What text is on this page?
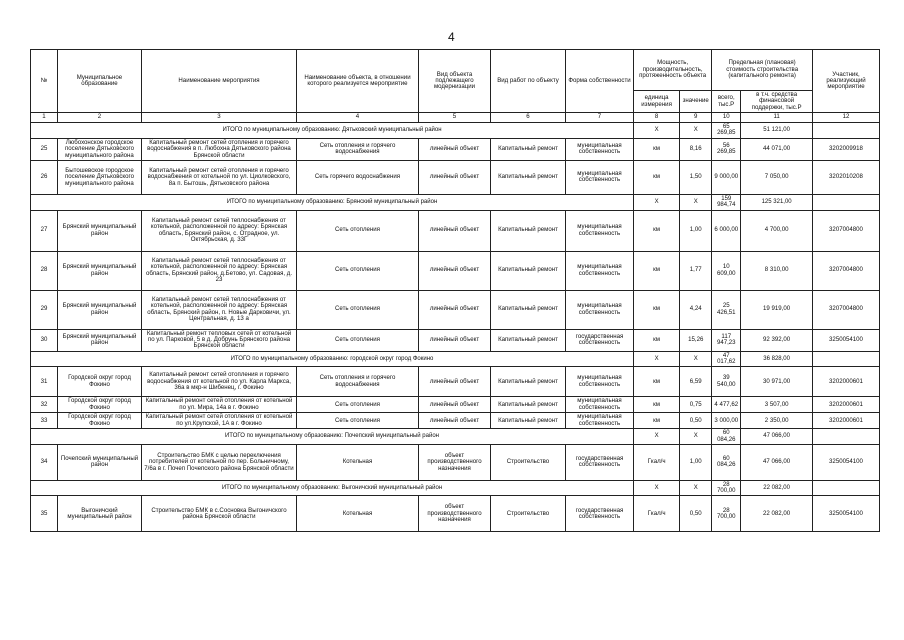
4
№	Муниципальное образование	Наименование мероприятия	Наименование объекта, в отношении которого реализуется мероприятие	Вид объекта подлежащего модернизации	Вид работ по объекту	Форма собственности	Мощность, производительность, протяженность объекта		Предельная (плановая) стоимость строительства (капитального ремонта)		Участник, реализующий мероприятие
							единица измерения	значение	всего, тыс.Р	в т.ч. средства финансовой поддержки, тыс.Р	
1	2	3	4	5	6	7	8	9	10	11	12
ИТОГО по муниципальному образованию: Дятьковский муниципальный район							X	X	65 269,85	51 121,00	
25	Любохонское городское поселение Дятьковского муниципального района	Капитальный ремонт сетей отопления и горячего водоснабжения в п. Любохна Дятьковского района Брянской области	Сеть отопления и горячего водоснабжения	линейный объект	Капитальный ремонт	муниципальная собственность	км	8,16	56 269,85	44 071,00	3202009918
26	Бытошевское городское поселение Дятьковского муниципального района	Капитальный ремонт сетей отопления и горячего водоснабжения от котельной по ул. Циолковского, 8а п. Бытошь, Дятьковского района	Сеть горячего водоснабжения	линейный объект	Капитальный ремонт	муниципальная собственность	км	1,50	9 000,00	7 050,00	3202010208
ИТОГО по муниципальному образованию: Брянский муниципальный район							X	X	159 984,74	125 321,00	
27	Брянский муниципальный район	Капитальный ремонт сетей теплоснабжения от котельной, расположенной по адресу: Брянская область, Брянский район, с. Отрадное, ул. Октябрьская, д. 33Г	Сеть отопления	линейный объект	Капитальный ремонт	муниципальная собственность	км	1,00	6 000,00	4 700,00	3207004800
28	Брянский муниципальный район	Капитальный ремонт сетей теплоснабжения от котельной, расположенной по адресу: Брянская область, Брянский район, д.Бетово, ул. Садовая, д. 23	Сеть отопления	линейный объект	Капитальный ремонт	муниципальная собственность	км	1,77	10 609,00	8 310,00	3207004800
29	Брянский муниципальный район	Капитальный ремонт сетей теплоснабжения от котельной, расположенной по адресу: Брянская область, Брянский район, п. Новые Дарковичи, ул. Центральная, д. 13 а	Сеть отопления	линейный объект	Капитальный ремонт	муниципальная собственность	км	4,24	25 426,51	19 919,00	3207004800
30	Брянский муниципальный район	Капитальный ремонт тепловых сетей от котельной по ул. Парковой, 5 в д. Добрунь Брянского района Брянской области	Сеть отопления	линейный объект	Капитальный ремонт	государственная собственность	км	15,26	117 947,23	92 392,00	3250054100
ИТОГО по муниципальному образованию: городской округ город Фокино							X	X	47 017,62	36 828,00	
31	Городской округ город Фокино	Капитальный ремонт сетей отопления и горячего водоснабжения от котельной по ул. Карла Маркса, 36а в мкр-н Шибенец, г. Фокино	Сеть отопления и горячего водоснабжения	линейный объект	Капитальный ремонт	муниципальная собственность	км	6,59	39 540,00	30 971,00	3202000601
32	Городской округ город Фокино	Капитальный ремонт сетей отопления от котельной по ул. Мира, 14а в г. Фокино	Сеть отопления	линейный объект	Капитальный ремонт	муниципальная собственность	км	0,75	4 477,62	3 507,00	3202000601
33	Городской округ город Фокино	Капитальный ремонт сетей отопления от котельной по ул.Крупской, 1А в г. Фокино	Сеть отопления	линейный объект	Капитальный ремонт	муниципальная собственность	км	0,50	3 000,00	2 350,00	3202000601
ИТОГО по муниципальному образованию: Почепский муниципальный район							X	X	60 084,26	47 066,00	
34	Почепский муниципальный район	Строительство БМК с целью переключения потребителей от котельной по пер. Больничному, 7/6а в г. Почеп Почепского района Брянской области	Котельная	объект производственного назначения	Строительство	государственная собственность	Гкал/ч	1,00	60 084,26	47 066,00	3250054100
ИТОГО по муниципальному образованию: Выгоничский муниципальный район							X	X	28 700,00	22 082,00	
35	Выгоничский муниципальный район	Строительство БМК в с.Сосновка Выгоничского района Брянской области	Котельная	объект производственного назначения	Строительство	государственная собственность	Гкал/ч	0,50	28 700,00	22 082,00	3250054100
